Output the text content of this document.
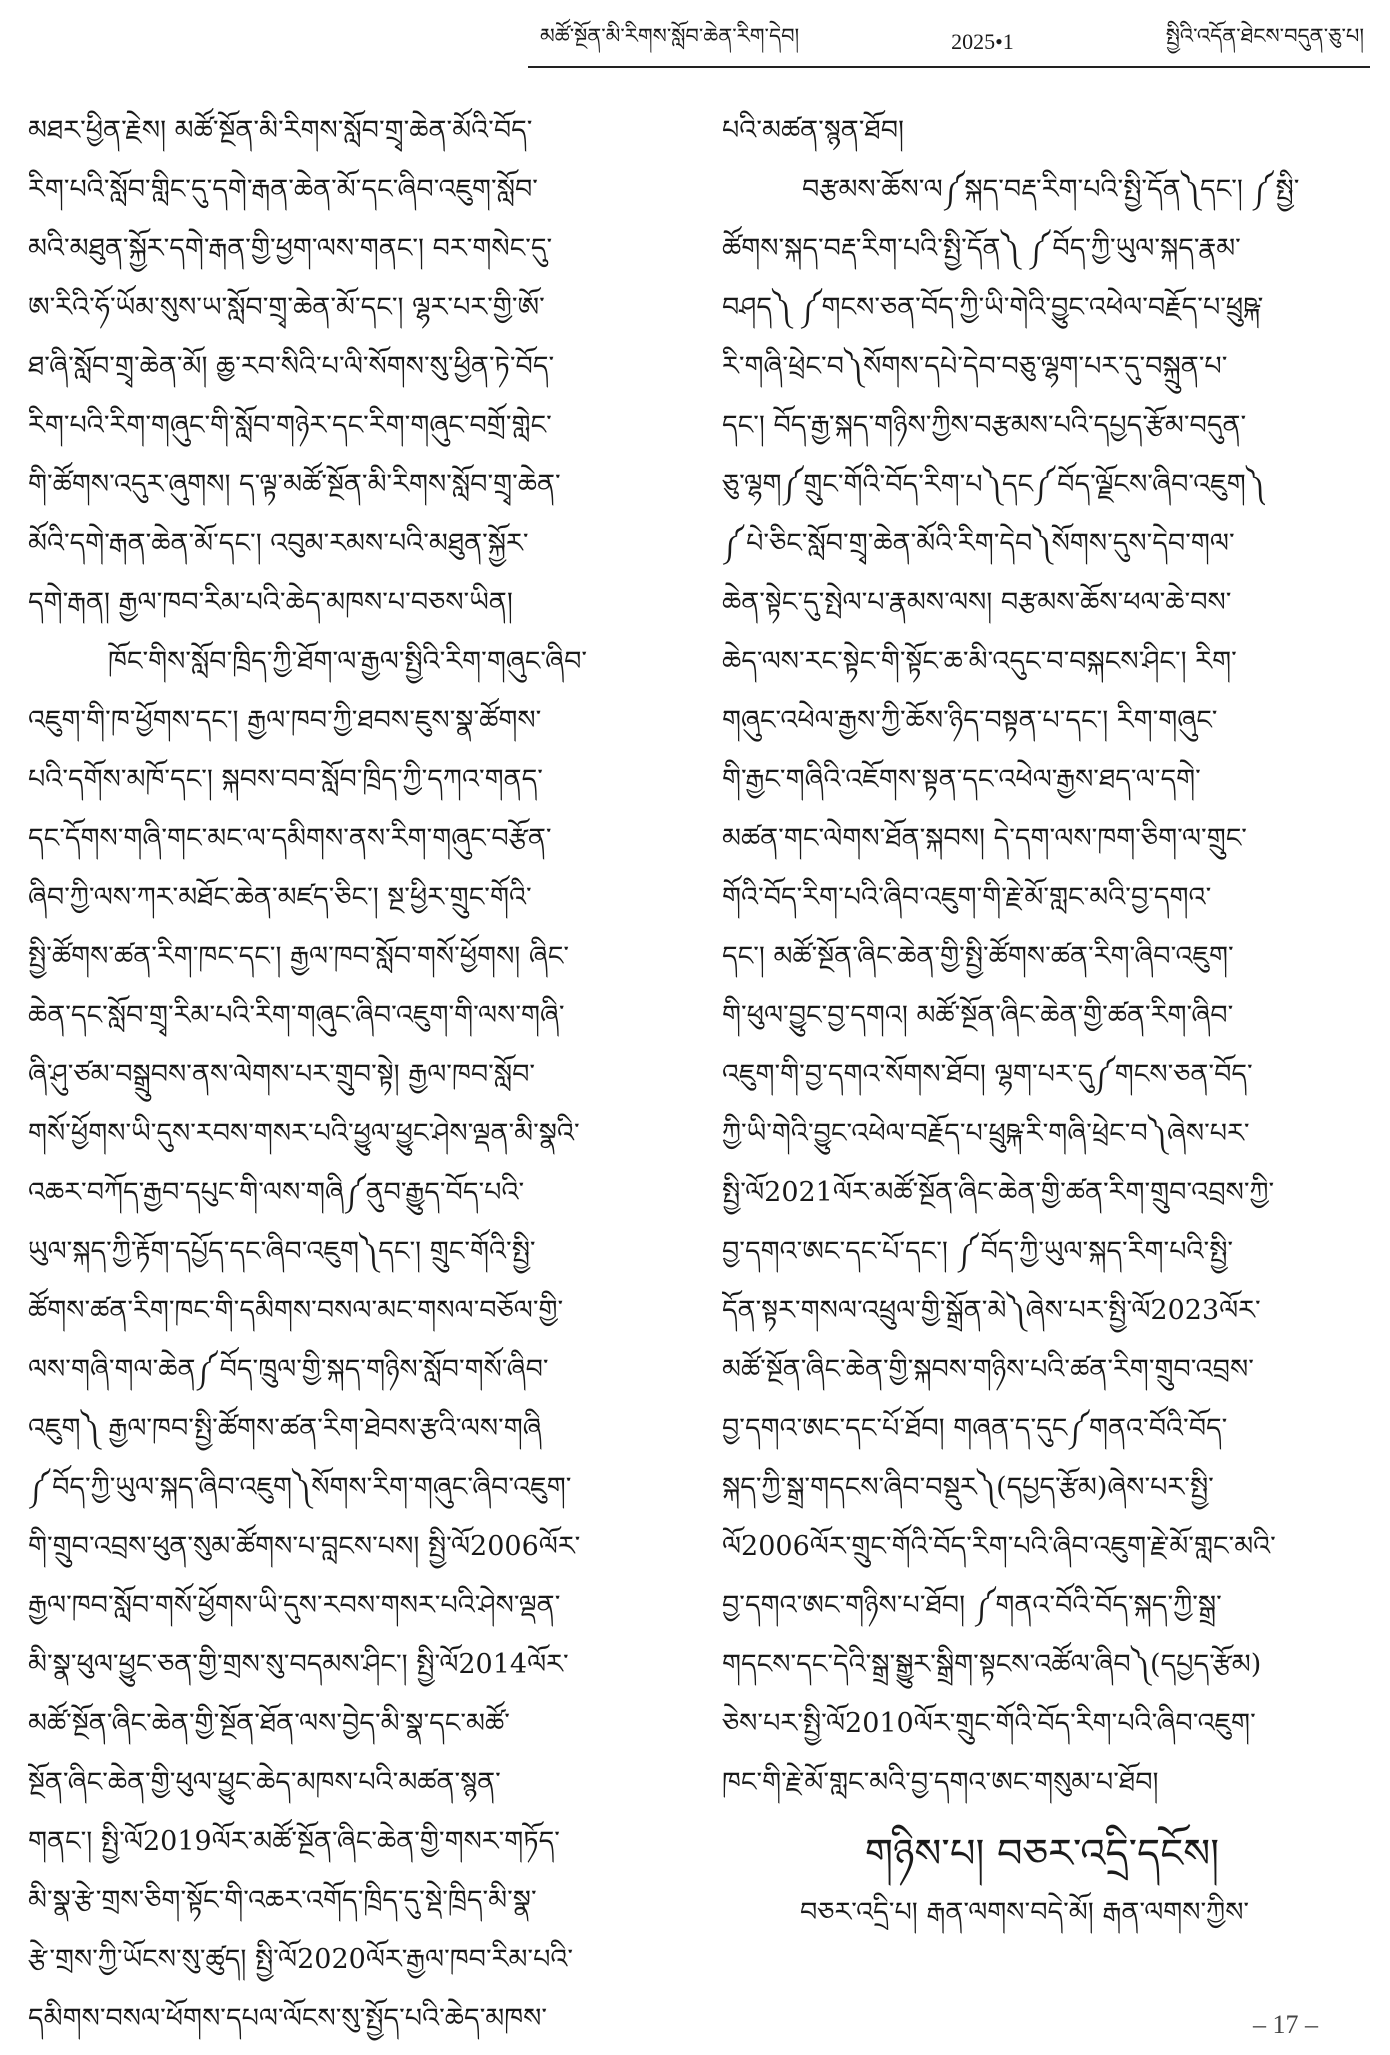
མཚོ་སྔོན་མི་རིགས་སློབ་ཆེན་རིག་དེབ།	2025•1	སྤྱིའི་འདོན་ཐེངས་བདུན་ཅུ་པ།
མཐར་ཕྱིན་རྗེས། མཚོ་སྔོན་མི་རིགས་སློབ་གྲྭ་ཆེན་མོའི་བོད་
རིག་པའི་སློབ་གླིང་དུ་དགེ་རྒན་ཆེན་མོ་དང་ཞིབ་འཇུག་སློབ་
མའི་མཐུན་སྐྱོར་དགེ་རྒན་གྱི་ཕྱག་ལས་གནང་། བར་གསེང་དུ་
ཨ་རིའི་ཧོ་ཡོམ་སུས་ཡ་སློབ་གྲྭ་ཆེན་མོ་དང་། ལྷར་པར་གྱི་ཨོ་
ཐ་ཞི་སློབ་གྲྭ་ཆེན་མོ། ཆྱ་རབ་སིའི་པ་ལི་སོགས་སུ་ཕྱིན་ཏེ་བོད་
རིག་པའི་རིག་གཞུང་གི་སློབ་གཉེར་དང་རིག་གཞུང་བགྲོ་གླེང་
གི་ཚོགས་འདུར་ཞུགས། ད་ལྟ་མཚོ་སྔོན་མི་རིགས་སློབ་གྲྭ་ཆེན་
མོའི་དགེ་རྒན་ཆེན་མོ་དང་། འབུམ་རམས་པའི་མཐུན་སྐྱོར་
དགེ་རྒན། རྒྱལ་ཁབ་རིམ་པའི་ཆེད་མཁས་པ་བཅས་ཡིན།
ཁོང་གིས་སློབ་ཁྲིད་ཀྱི་ཐོག་ལ་རྒྱལ་སྤྱིའི་རིག་གཞུང་ཞིབ་
འཇུག་གི་ཁ་ཕྱོགས་དང་། རྒྱལ་ཁབ་ཀྱི་ཐབས་ཇུས་སྣ་ཚོགས་
པའི་དགོས་མཁོ་དང་། སྐབས་བབ་སློབ་ཁྲིད་ཀྱི་དཀའ་གནད་
དང་དོགས་གཞི་གང་མང་ལ་དམིགས་ནས་རིག་གཞུང་བརྩོན་
ཞིབ་ཀྱི་ལས་ཀར་མཐོང་ཆེན་མཛད་ཅིང་། སྔ་ཕྱིར་གྲུང་གོའི་
སྤྱི་ཚོགས་ཚན་རིག་ཁང་དང་། རྒྱལ་ཁབ་སློབ་གསོ་ཕྱོགས། ཞིང་
ཆེན་དང་སློབ་གྲྭ་རིམ་པའི་རིག་གཞུང་ཞིབ་འཇུག་གི་ལས་གཞི་
ཞི་ཤུ་ཙམ་བསྒྲུབས་ནས་ལེགས་པར་གྲུབ་སྟེ། རྒྱལ་ཁབ་སློབ་
གསོ་ཕྱོགས་ཡི་དུས་རབས་གསར་པའི་ཕྱུལ་ཕྱུང་ཤེས་ལྡན་མི་སྣའི་
འཆར་བཀོད་རྒྱབ་དཔུང་གི་ལས་གཞི༼ནུབ་རྒྱུད་བོད་པའི་
ཡུལ་སྐད་ཀྱི་རྟོག་དཔྱོད་དང་ཞིབ་འཇུག༽དང་། གྲུང་གོའི་སྤྱི་
ཚོགས་ཚན་རིག་ཁང་གི་དམིགས་བསལ་མང་གསལ་བཅོལ་གྱི་
ལས་གཞི་གལ་ཆེན༼བོད་ཁྲུལ་གྱི་སྐད་གཉིས་སློབ་གསོ་ཞིབ་
འཇུག༽ རྒྱལ་ཁབ་སྤྱི་ཚོགས་ཚན་རིག་ཐེབས་རྩའི་ལས་གཞི
༼བོད་ཀྱི་ཡུལ་སྐད་ཞིབ་འཇུག༽སོགས་རིག་གཞུང་ཞིབ་འཇུག་
གི་གྲུབ་འབྲས་ཕུན་སུམ་ཚོགས་པ་བླངས་པས། སྤྱི་ལོ2006ལོར་
རྒྱལ་ཁབ་སློབ་གསོ་ཕྱོགས་ཡི་དུས་རབས་གསར་པའི་ཤེས་ལྡན་
མི་སྣ་ཕུལ་ཕྱུང་ཅན་གྱི་གྲས་སུ་བདམས་ཤིང་། སྤྱི་ལོ2014ལོར་
མཚོ་སྔོན་ཞིང་ཆེན་གྱི་སྔོན་ཐོན་ལས་བྱེད་མི་སྣ་དང་མཚོ་
སྔོན་ཞིང་ཆེན་གྱི་ཕུལ་ཕྱུང་ཆེད་མཁས་པའི་མཚན་སྙན་
གནང་། སྤྱི་ལོ2019ལོར་མཚོ་སྔོན་ཞིང་ཆེན་གྱི་གསར་གཏོད་
མི་སྣ་རྩེ་གྲས་ཅིག་སྟོང་གི་འཆར་འགོད་ཁྲིད་དུ་སྡེ་ཁྲིད་མི་སྣ་
རྩེ་གྲས་ཀྱི་ཡོངས་སུ་ཚུད། སྤྱི་ལོ2020ལོར་རྒྱལ་ཁབ་རིམ་པའི་
དམིགས་བསལ་ཕོགས་དཔལ་ལོངས་སུ་སྤྱོད་པའི་ཆེད་མཁས་
པའི་མཚན་སྙན་ཐོབ།
བརྩམས་ཆོས་ལ༼སྐད་བརྡ་རིག་པའི་སྤྱི་དོན༽དང་། ༼སྤྱི་
ཚོགས་སྐད་བརྡ་རིག་པའི་སྤྱི་དོན༽ ༼བོད་ཀྱི་ཡུལ་སྐད་རྣམ་
བཤད༽ ༼གངས་ཅན་བོད་ཀྱི་ཡི་གེའི་བྱུང་འཕེལ་བརྗོད་པ་ཕྲུཥྐ་
རི་གཞི་ཕྲེང་བ༽སོགས་དཔེ་དེབ་བཅུ་ལྷག་པར་དུ་བསྐྲུན་པ་
དང་། བོད་རྒྱ་སྐད་གཉིས་ཀྱིས་བརྩམས་པའི་དཔྱད་རྩོམ་བདུན་
ཅུ་ལྷག༼གྲུང་གོའི་བོད་རིག་པ༽དང༼བོད་ལྗོངས་ཞིབ་འཇུག༽
༼པེ་ཅིང་སློབ་གྲྭ་ཆེན་མོའི་རིག་དེབ༽སོགས་དུས་དེབ་གལ་
ཆེན་སྟེང་དུ་སྤེལ་པ་རྣམས་ལས། བརྩམས་ཆོས་ཕལ་ཆེ་བས་
ཆེད་ལས་རང་སྟེང་གི་སྟོང་ཆ་མི་འདུང་བ་བསྐངས་ཤིང་། རིག་
གཞུང་འཕེལ་རྒྱས་ཀྱི་ཆོས་ཉིད་བསྟན་པ་དང་། རིག་གཞུང་
གི་རྒྱང་གཞིའི་འཇོགས་སྟན་དང་འཕེལ་རྒྱས་ཐད་ལ་དགེ་
མཚན་གང་ལེགས་ཐོན་སྐབས། དེ་དག་ལས་ཁག་ཅིག་ལ་གྲུང་
གོའི་བོད་རིག་པའི་ཞིབ་འཇུག་གི་རྗེ་མོ་གླང་མའི་བྱ་དགའ་
དང་། མཚོ་སྔོན་ཞིང་ཆེན་གྱི་སྤྱི་ཚོགས་ཚན་རིག་ཞིབ་འཇུག་
གི་ཕུལ་བྱུང་བྱ་དགའ། མཚོ་སྔོན་ཞིང་ཆེན་གྱི་ཚན་རིག་ཞིབ་
འཇུག་གི་བྱ་དགའ་སོགས་ཐོབ། ལྷག་པར་དུ༼གངས་ཅན་བོད་
ཀྱི་ཡི་གེའི་བྱུང་འཕེལ་བརྗོད་པ་ཕྲུཥྐ་རི་གཞི་ཕྲེང་བ༽ཞེས་པར་
སྤྱི་ལོ2021ལོར་མཚོ་སྔོན་ཞིང་ཆེན་གྱི་ཚན་རིག་གྲུབ་འབྲས་ཀྱི་
བྱ་དགའ་ཨང་དང་པོ་དང་། ༼བོད་ཀྱི་ཡུལ་སྐད་རིག་པའི་སྤྱི་
དོན་སྟར་གསལ་འཕྲུལ་གྱི་སྒྲོན་མེ༽ཞེས་པར་སྤྱི་ལོ2023ལོར་
མཚོ་སྔོན་ཞིང་ཆེན་གྱི་སྐབས་གཉིས་པའི་ཚན་རིག་གྲུབ་འབྲས་
བྱ་དགའ་ཨང་དང་པོ་ཐོབ། གཞན་ད་དུང༼གནའ་བོའི་བོད་
སྐད་ཀྱི་སྒྲ་གདངས་ཞིབ་བསྡུར༽(དཔྱད་རྩོམ)ཞེས་པར་སྤྱི་
ལོ2006ལོར་གྲུང་གོའི་བོད་རིག་པའི་ཞིབ་འཇུག་རྗེ་མོ་གླང་མའི་
བྱ་དགའ་ཨང་གཉིས་པ་ཐོབ། ༼གནའ་བོའི་བོད་སྐད་ཀྱི་སྒྲ་
གདངས་དང་དེའི་སྒྲ་སྒྱུར་སྒྲིག་སྟངས་འཚོལ་ཞིབ༽(དཔྱད་རྩོམ)
ཅེས་པར་སྤྱི་ལོ2010ལོར་གྲུང་གོའི་བོད་རིག་པའི་ཞིབ་འཇུག་
ཁང་གི་རྗེ་མོ་གླང་མའི་བྱ་དགའ་ཨང་གསུམ་པ་ཐོབ།
གཉིས་པ། བཅར་འདྲི་དངོས།
བཅར་འདྲི་པ། རྒན་ལགས་བདེ་མོ། རྒན་ལགས་ཀྱིས་
– 17 –
